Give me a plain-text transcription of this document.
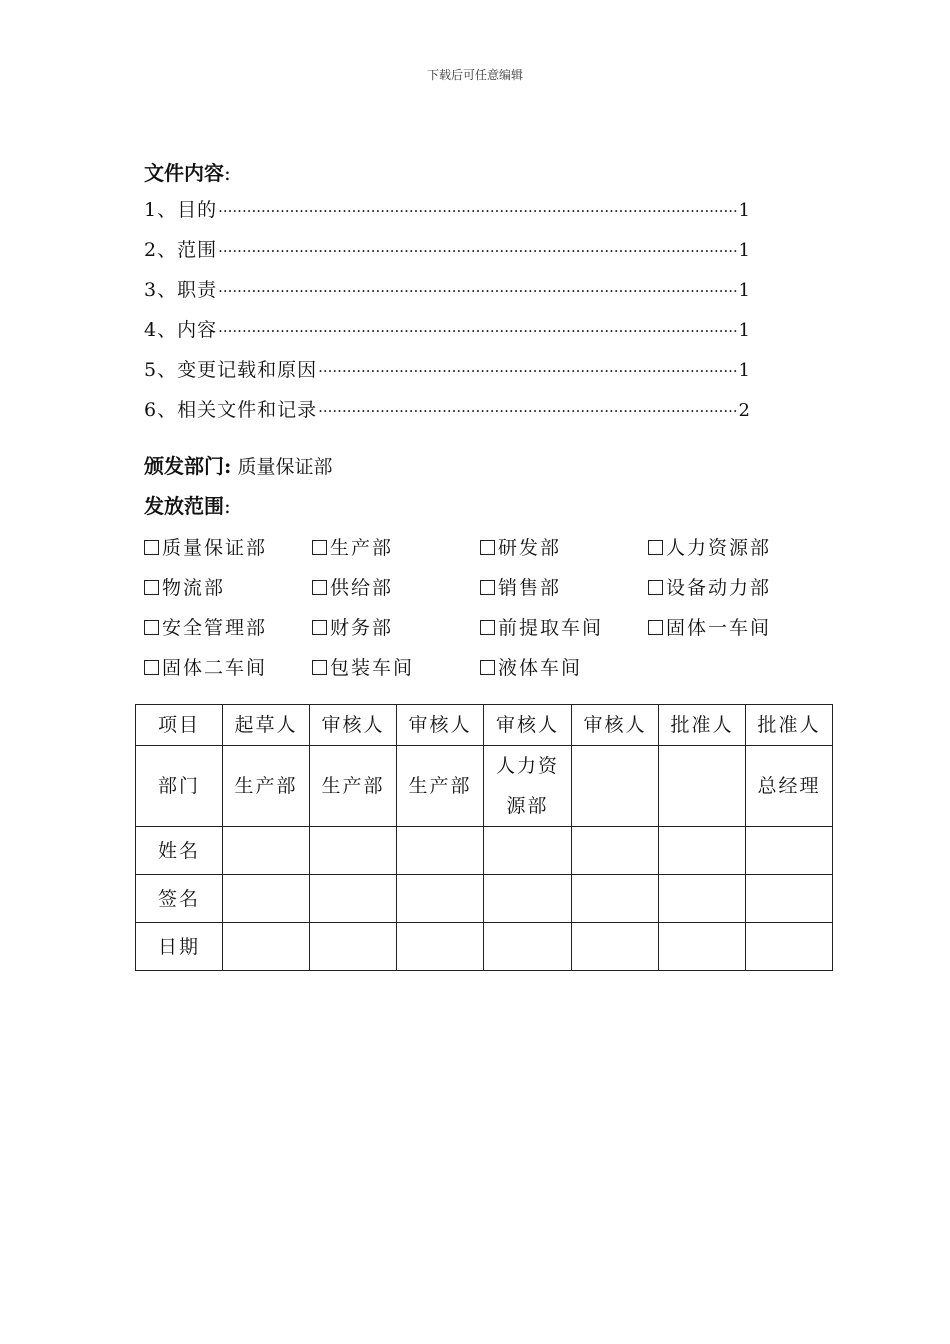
下载后可任意编辑
文件内容:
1、 目的 ·····	1
2、 范围 ·····	1
3、 职责 ·····	1
4、 内容 ·····	1
5、 变更记载和原因 ·····	1
6、 相关文件和记录 ·····	2
颁发部门: 质量保证部
发放范围:
质量保证部	生产部	研发部	人力资源部
物流部	供给部	销售部	设备动力部
安全管理部	财务部	前提取车间	固体一车间
固体二车间	包装车间	液体车间
项目	起草人	审核人	审核人	审核人	审核人	批准人	批准人
部门	生产部	生产部	生产部	人力资源部			总经理
姓名							
签名							
日期							
